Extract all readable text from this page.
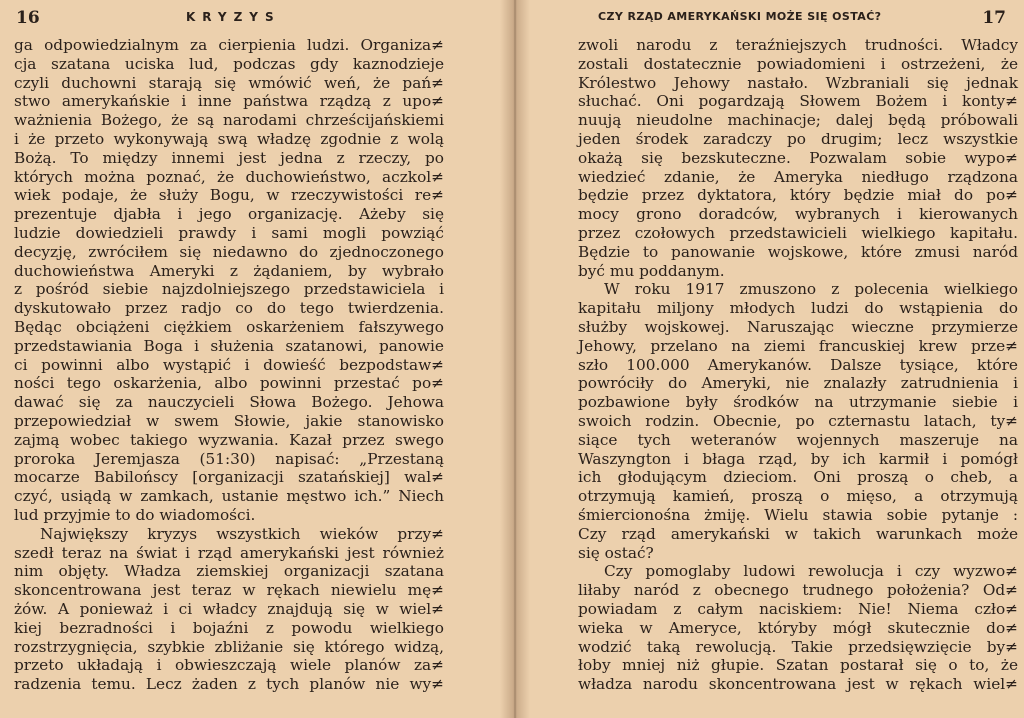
16	KRYZYS
ga odpowiedzialnym za cierpienia ludzi. Organiza≠
cja szatana uciska lud, podczas gdy kaznodzieje
czyli duchowni starają się wmówić weń, że pań≠
stwo amerykańskie i inne państwa rządzą z upo≠
ważnienia Bożego, że są narodami chrześcijańskiemi
i że przeto wykonywają swą władzę zgodnie z wolą
Bożą. To między innemi jest jedna z rzeczy, po
których można poznać, że duchowieństwo, aczkol≠
wiek podaje, że służy Bogu, w rzeczywistości re≠
prezentuje djabła i jego organizację. Ażeby się
ludzie dowiedzieli prawdy i sami mogli powziąć
decyzję, zwróciłem się niedawno do zjednoczonego
duchowieństwa Ameryki z żądaniem, by wybrało
z pośród siebie najzdolniejszego przedstawiciela i
dyskutowało przez radjo co do tego twierdzenia.
Będąc obciążeni ciężkiem oskarżeniem fałszywego
przedstawiania Boga i służenia szatanowi, panowie
ci powinni albo wystąpić i dowieść bezpodstaw≠
ności tego oskarżenia, albo powinni przestać po≠
dawać się za nauczycieli Słowa Bożego. Jehowa
przepowiedział w swem Słowie, jakie stanowisko
zajmą wobec takiego wyzwania. Kazał przez swego
proroka Jeremjasza (51:30) napisać: „Przestaną
mocarze Babilońscy [organizacji szatańskiej] wal≠
czyć, usiądą w zamkach, ustanie męstwo ich.” Niech
lud przyjmie to do wiadomości.
Największy kryzys wszystkich wieków przy≠
szedł teraz na świat i rząd amerykański jest również
nim objęty. Władza ziemskiej organizacji szatana
skoncentrowana jest teraz w rękach niewielu mę≠
żów. A ponieważ i ci władcy znajdują się w wiel≠
kiej bezradności i bojaźni z powodu wielkiego
rozstrzygnięcia, szybkie zbliżanie się którego widzą,
przeto układają i obwieszczają wiele planów za≠
radzenia temu. Lecz żaden z tych planów nie wy≠
CZY RZĄD AMERYKAŃSKI MOŻE SIĘ OSTAĆ?	17
zwoli narodu z teraźniejszych trudności. Władcy
zostali dostatecznie powiadomieni i ostrzeżeni, że
Królestwo Jehowy nastało. Wzbraniali się jednak
słuchać. Oni pogardzają Słowem Bożem i konty≠
nuują nieudolne machinacje; dalej będą próbowali
jeden środek zaradczy po drugim; lecz wszystkie
okażą się bezskuteczne. Pozwalam sobie wypo≠
wiedzieć zdanie, że Ameryka niedługo rządzona
będzie przez dyktatora, który będzie miał do po≠
mocy grono doradców, wybranych i kierowanych
przez czołowych przedstawicieli wielkiego kapitału.
Będzie to panowanie wojskowe, które zmusi naród
być mu poddanym.
W roku 1917 zmuszono z polecenia wielkiego
kapitału miljony młodych ludzi do wstąpienia do
służby wojskowej. Naruszając wieczne przymierze
Jehowy, przelano na ziemi francuskiej krew prze≠
szło 100.000 Amerykanów. Dalsze tysiące, które
powróciły do Ameryki, nie znalazły zatrudnienia i
pozbawione były środków na utrzymanie siebie i
swoich rodzin. Obecnie, po czternastu latach, ty≠
siące tych weteranów wojennych maszeruje na
Waszyngton i błaga rząd, by ich karmił i pomógł
ich głodującym dzieciom. Oni proszą o cheb, a
otrzymują kamień, proszą o mięso, a otrzymują
śmiercionośna żmiję. Wielu stawia sobie pytanje :
Czy rząd amerykański w takich warunkach może
się ostać?
Czy pomoglaby ludowi rewolucja i czy wyzwo≠
liłaby naród z obecnego trudnego położenia? Od≠
powiadam z całym naciskiem: Nie! Niema czło≠
wieka w Ameryce, któryby mógł skutecznie do≠
wodzić taką rewolucją. Takie przedsięwzięcie by≠
łoby mniej niż głupie. Szatan postarał się o to, że
władza narodu skoncentrowana jest w rękach wiel≠
